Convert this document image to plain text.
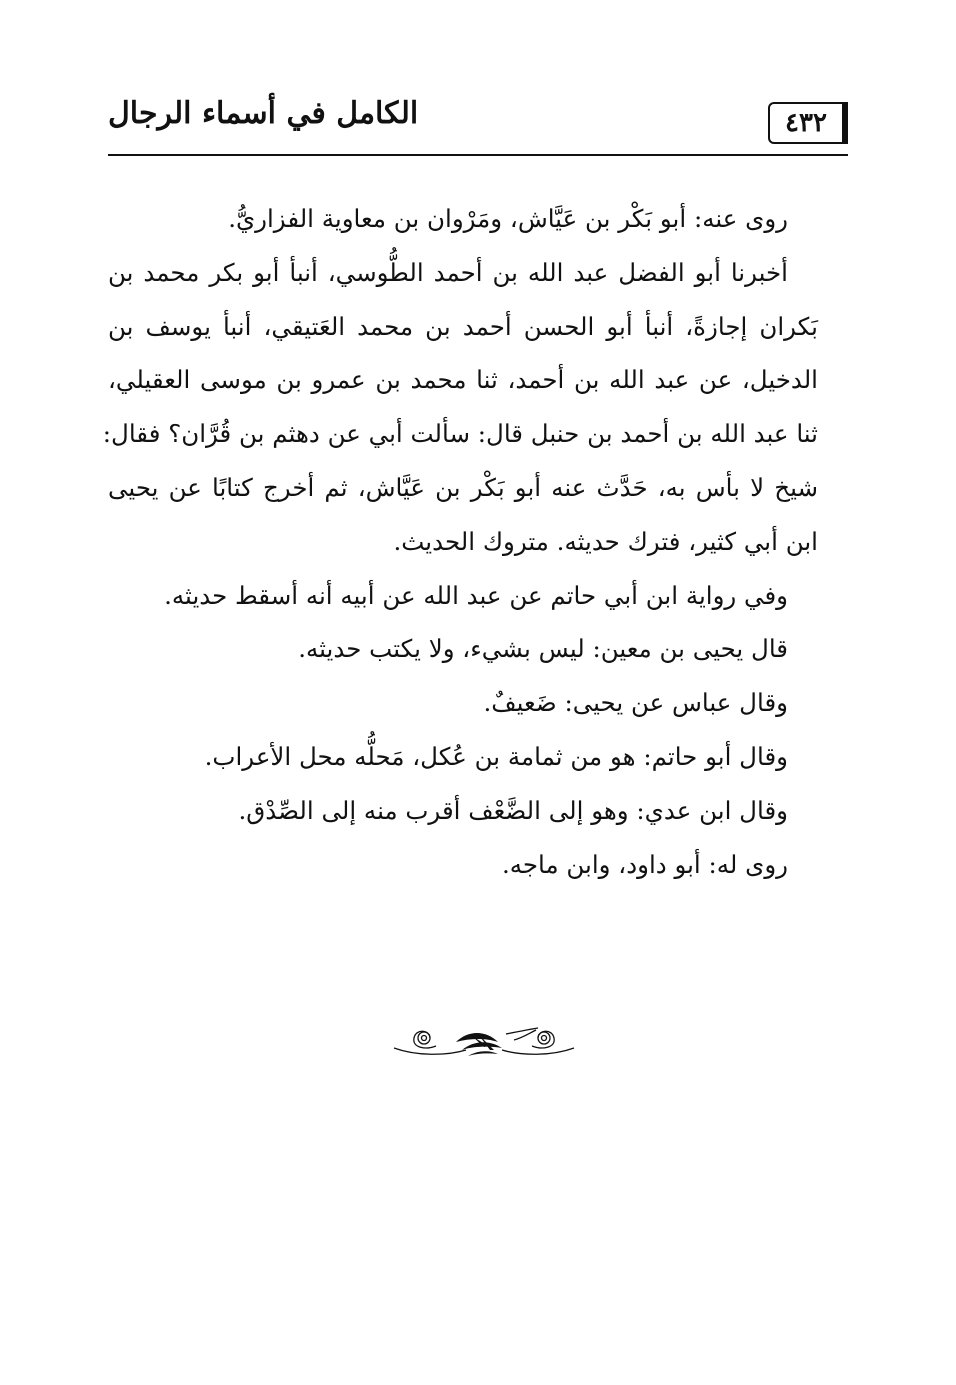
الكامل في أسماء الرجال	٤٣٢
روى عنه: أبو بَكْر بن عَيَّاش، ومَرْوان بن معاوية الفزاريُّ.
أخبرنا أبو الفضل عبد الله بن أحمد الطُّوسي، أنبأ أبو بكر محمد بن
بَكران إجازةً، أنبأ أبو الحسن أحمد بن محمد العَتيقي، أنبأ يوسف بن
الدخيل، عن عبد الله بن أحمد، ثنا محمد بن عمرو بن موسى العقيلي،
ثنا عبد الله بن أحمد بن حنبل قال: سألت أبي عن دهثم بن قُرَّان؟ فقال:
شيخ لا بأس به، حَدَّث عنه أبو بَكْر بن عَيَّاش، ثم أخرج كتابًا عن يحيى
ابن أبي كثير، فترك حديثه. متروك الحديث.
وفي رواية ابن أبي حاتم عن عبد الله عن أبيه أنه أسقط حديثه.
قال يحيى بن معين: ليس بشيء، ولا يكتب حديثه.
وقال عباس عن يحيى: ضَعيفٌ.
وقال أبو حاتم: هو من ثمامة بن عُكل، مَحلُّه محل الأعراب.
وقال ابن عدي: وهو إلى الضَّعْف أقرب منه إلى الصِّدْق.
روى له: أبو داود، وابن ماجه.
